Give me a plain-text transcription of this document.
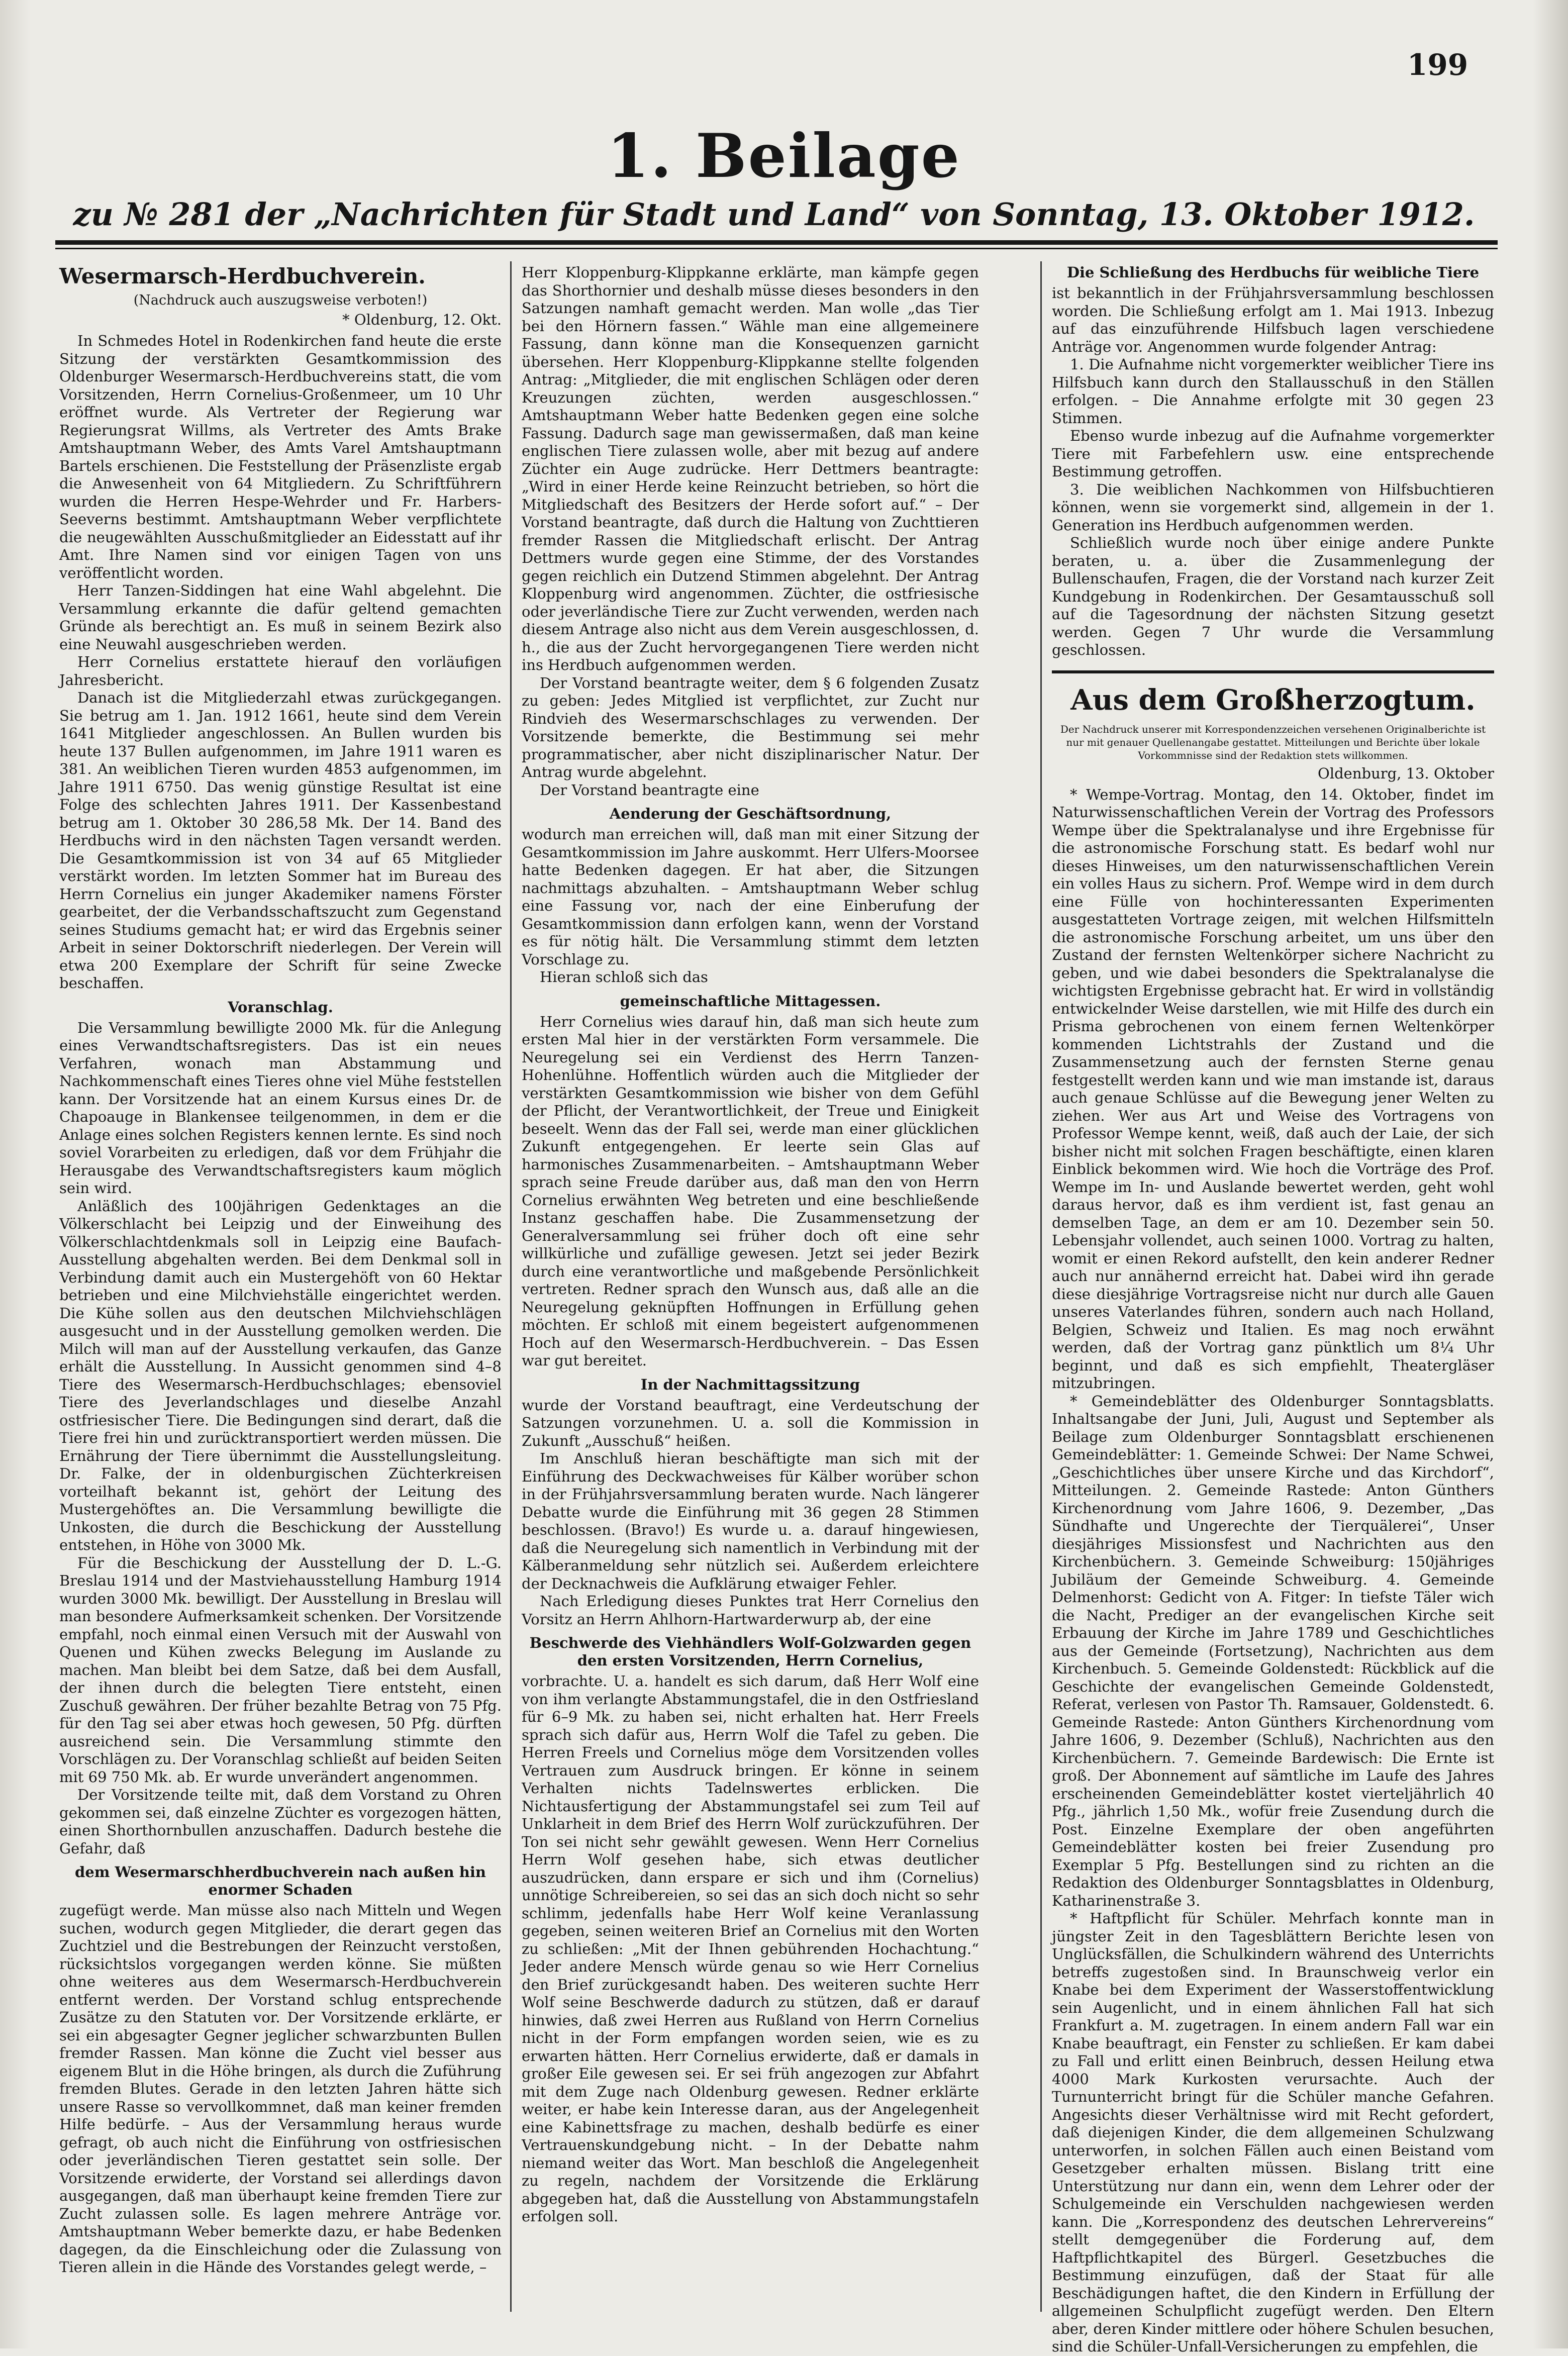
199
1. Beilage
zu № 281 der „Nachrichten für Stadt und Land“ von Sonntag, 13. Oktober 1912.
Wesermarsch-Herdbuchverein.
(Nachdruck auch auszugsweise verboten!)
* Oldenburg, 12. Okt.

In Schmedes Hotel in Rodenkirchen fand heute die erste Sitzung der verstärkten Gesamtkommission des Oldenburger Wesermarsch-Herdbuchvereins statt, die vom Vorsitzenden, Herrn Cornelius-Großenmeer, um 10 Uhr eröffnet wurde. Als Vertreter der Regierung war Regierungsrat Willms, als Vertreter des Amts Brake Amtshauptmann Weber, des Amts Varel Amtshauptmann Bartels erschienen. Die Feststellung der Präsenzliste ergab die Anwesenheit von 64 Mitgliedern. Zu Schriftführern wurden die Herren Hespe-Wehrder und Fr. Harbers-Seeverns bestimmt. Amtshauptmann Weber verpflichtete die neugewählten Ausschußmitglieder an Eidesstatt auf ihr Amt. Ihre Namen sind vor einigen Tagen von uns veröffentlicht worden.

Herr Tanzen-Siddingen hat eine Wahl abgelehnt. Die Versammlung erkannte die dafür geltend gemachten Gründe als berechtigt an. Es muß in seinem Bezirk also eine Neuwahl ausgeschrieben werden.

Herr Cornelius erstattete hierauf den vorläufigen Jahresbericht.

Danach ist die Mitgliederzahl etwas zurückgegangen. Sie betrug am 1. Jan. 1912 1661, heute sind dem Verein 1641 Mitglieder angeschlossen. An Bullen wurden bis heute 137 Bullen aufgenommen, im Jahre 1911 waren es 381. An weiblichen Tieren wurden 4853 aufgenommen, im Jahre 1911 6750. Das wenig günstige Resultat ist eine Folge des schlechten Jahres 1911. Der Kassenbestand betrug am 1. Oktober 30 286,58 Mk. Der 14. Band des Herdbuchs wird in den nächsten Tagen versandt werden. Die Gesamtkommission ist von 34 auf 65 Mitglieder verstärkt worden. Im letzten Sommer hat im Bureau des Herrn Cornelius ein junger Akademiker namens Förster gearbeitet, der die Verbandsschaftszucht zum Gegenstand seines Studiums gemacht hat; er wird das Ergebnis seiner Arbeit in seiner Doktorschrift niederlegen. Der Verein will etwa 200 Exemplare der Schrift für seine Zwecke beschaffen.

Voranschlag.

Die Versammlung bewilligte 2000 Mk. für die Anlegung eines Verwandtschaftsregisters. Das ist ein neues Verfahren, wonach man Abstammung und Nachkommenschaft eines Tieres ohne viel Mühe feststellen kann. Der Vorsitzende hat an einem Kursus eines Dr. de Chapoauge in Blankensee teilgenommen, in dem er die Anlage eines solchen Registers kennen lernte. Es sind noch soviel Vorarbeiten zu erledigen, daß vor dem Frühjahr die Herausgabe des Verwandtschaftsregisters kaum möglich sein wird.

Anläßlich des 100jährigen Gedenktages an die Völkerschlacht bei Leipzig und der Einweihung des Völkerschlachtdenkmals soll in Leipzig eine Baufach-Ausstellung abgehalten werden. Bei dem Denkmal soll in Verbindung damit auch ein Mustergehöft von 60 Hektar betrieben und eine Milchviehställe eingerichtet werden. Die Kühe sollen aus den deutschen Milchviehschlägen ausgesucht und in der Ausstellung gemolken werden. Die Milch will man auf der Ausstellung verkaufen, das Ganze erhält die Ausstellung. In Aussicht genommen sind 4–8 Tiere des Wesermarsch-Herdbuchschlages; ebensoviel Tiere des Jeverlandschlages und dieselbe Anzahl ostfriesischer Tiere. Die Bedingungen sind derart, daß die Tiere frei hin und zurücktransportiert werden müssen. Die Ernährung der Tiere übernimmt die Ausstellungsleitung. Dr. Falke, der in oldenburgischen Züchterkreisen vorteilhaft bekannt ist, gehört der Leitung des Mustergehöftes an. Die Versammlung bewilligte die Unkosten, die durch die Beschickung der Ausstellung entstehen, in Höhe von 3000 Mk.

Für die Beschickung der Ausstellung der D. L.-G. Breslau 1914 und der Mastviehausstellung Hamburg 1914 wurden 3000 Mk. bewilligt. Der Ausstellung in Breslau will man besondere Aufmerksamkeit schenken. Der Vorsitzende empfahl, noch einmal einen Versuch mit der Auswahl von Quenen und Kühen zwecks Belegung im Auslande zu machen. Man bleibt bei dem Satze, daß bei dem Ausfall, der ihnen durch die belegten Tiere entsteht, einen Zuschuß gewähren. Der früher bezahlte Betrag von 75 Pfg. für den Tag sei aber etwas hoch gewesen, 50 Pfg. dürften ausreichend sein. Die Versammlung stimmte den Vorschlägen zu. Der Voranschlag schließt auf beiden Seiten mit 69 750 Mk. ab. Er wurde unverändert angenommen.

Der Vorsitzende teilte mit, daß dem Vorstand zu Ohren gekommen sei, daß einzelne Züchter es vorgezogen hätten, einen Shorthornbullen anzuschaffen. Dadurch bestehe die Gefahr, daß

dem Wesermarschherdbuchverein nach außen hin enormer Schaden

zugefügt werde. Man müsse also nach Mitteln und Wegen suchen, wodurch gegen Mitglieder, die derart gegen das Zuchtziel und die Bestrebungen der Reinzucht verstoßen, rücksichtslos vorgegangen werden könne. Sie müßten ohne weiteres aus dem Wesermarsch-Herdbuchverein entfernt werden. Der Vorstand schlug entsprechende Zusätze zu den Statuten vor. Der Vorsitzende erklärte, er sei ein abgesagter Gegner jeglicher schwarzbunten Bullen fremder Rassen. Man könne die Zucht viel besser aus eigenem Blut in die Höhe bringen, als durch die Zuführung fremden Blutes. Gerade in den letzten Jahren hätte sich unsere Rasse so vervollkommnet, daß man keiner fremden Hilfe bedürfe. – Aus der Versammlung heraus wurde gefragt, ob auch nicht die Einführung von ostfriesischen oder jeverländischen Tieren gestattet sein solle. Der Vorsitzende erwiderte, der Vorstand sei allerdings davon ausgegangen, daß man überhaupt keine fremden Tiere zur Zucht zulassen solle. Es lagen mehrere Anträge vor. Amtshauptmann Weber bemerkte dazu, er habe Bedenken dagegen, da die Einschleichung oder die Zulassung von Tieren allein in die Hände des Vorstandes gelegt werde, –

Herr Kloppenburg-Klippkanne erklärte, man kämpfe gegen das Shorthornier und deshalb müsse dieses besonders in den Satzungen namhaft gemacht werden. Man wolle „das Tier bei den Hörnern fassen.“ Wähle man eine allgemeinere Fassung, dann könne man die Konsequenzen garnicht übersehen. Herr Kloppenburg-Klippkanne stellte folgenden Antrag: „Mitglieder, die mit englischen Schlägen oder deren Kreuzungen züchten, werden ausgeschlossen.“ Amtshauptmann Weber hatte Bedenken gegen eine solche Fassung. Dadurch sage man gewissermaßen, daß man keine englischen Tiere zulassen wolle, aber mit bezug auf andere Züchter ein Auge zudrücke. Herr Dettmers beantragte: „Wird in einer Herde keine Reinzucht betrieben, so hört die Mitgliedschaft des Besitzers der Herde sofort auf.“ – Der Vorstand beantragte, daß durch die Haltung von Zuchttieren fremder Rassen die Mitgliedschaft erlischt. Der Antrag Dettmers wurde gegen eine Stimme, der des Vorstandes gegen reichlich ein Dutzend Stimmen abgelehnt. Der Antrag Kloppenburg wird angenommen. Züchter, die ostfriesische oder jeverländische Tiere zur Zucht verwenden, werden nach diesem Antrage also nicht aus dem Verein ausgeschlossen, d. h., die aus der Zucht hervorgegangenen Tiere werden nicht ins Herdbuch aufgenommen werden.

Der Vorstand beantragte weiter, dem § 6 folgenden Zusatz zu geben: Jedes Mitglied ist verpflichtet, zur Zucht nur Rindvieh des Wesermarschschlages zu verwenden. Der Vorsitzende bemerkte, die Bestimmung sei mehr programmatischer, aber nicht disziplinarischer Natur. Der Antrag wurde abgelehnt.

Der Vorstand beantragte eine

Aenderung der Geschäftsordnung,

wodurch man erreichen will, daß man mit einer Sitzung der Gesamtkommission im Jahre auskommt. Herr Ulfers-Moorsee hatte Bedenken dagegen. Er hat aber, die Sitzungen nachmittags abzuhalten. – Amtshauptmann Weber schlug eine Fassung vor, nach der eine Einberufung der Gesamtkommission dann erfolgen kann, wenn der Vorstand es für nötig hält. Die Versammlung stimmt dem letzten Vorschlage zu.

Hieran schloß sich das

gemeinschaftliche Mittagessen.

Herr Cornelius wies darauf hin, daß man sich heute zum ersten Mal hier in der verstärkten Form versammele. Die Neuregelung sei ein Verdienst des Herrn Tanzen-Hohenlühne. Hoffentlich würden auch die Mitglieder der verstärkten Gesamtkommission wie bisher von dem Gefühl der Pflicht, der Verantwortlichkeit, der Treue und Einigkeit beseelt. Wenn das der Fall sei, werde man einer glücklichen Zukunft entgegengehen. Er leerte sein Glas auf harmonisches Zusammenarbeiten. – Amtshauptmann Weber sprach seine Freude darüber aus, daß man den von Herrn Cornelius erwähnten Weg betreten und eine beschließende Instanz geschaffen habe. Die Zusammensetzung der Generalversammlung sei früher doch oft eine sehr willkürliche und zufällige gewesen. Jetzt sei jeder Bezirk durch eine verantwortliche und maßgebende Persönlichkeit vertreten. Redner sprach den Wunsch aus, daß alle an die Neuregelung geknüpften Hoffnungen in Erfüllung gehen möchten. Er schloß mit einem begeistert aufgenommenen Hoch auf den Wesermarsch-Herdbuchverein. – Das Essen war gut bereitet.

In der Nachmittagssitzung

wurde der Vorstand beauftragt, eine Verdeutschung der Satzungen vorzunehmen. U. a. soll die Kommission in Zukunft „Ausschuß“ heißen.

Im Anschluß hieran beschäftigte man sich mit der Einführung des Deckwachweises für Kälber worüber schon in der Frühjahrsversammlung beraten wurde. Nach längerer Debatte wurde die Einführung mit 36 gegen 28 Stimmen beschlossen. (Bravo!) Es wurde u. a. darauf hingewiesen, daß die Neuregelung sich namentlich in Verbindung mit der Kälberanmeldung sehr nützlich sei. Außerdem erleichtere der Decknachweis die Aufklärung etwaiger Fehler.

Nach Erledigung dieses Punktes trat Herr Cornelius den Vorsitz an Herrn Ahlhorn-Hartwarderwurp ab, der eine

Beschwerde des Viehhändlers Wolf-Golzwarden gegen den ersten Vorsitzenden, Herrn Cornelius,

vorbrachte. U. a. handelt es sich darum, daß Herr Wolf eine von ihm verlangte Abstammungstafel, die in den Ostfriesland für 6–9 Mk. zu haben sei, nicht erhalten hat. Herr Freels sprach sich dafür aus, Herrn Wolf die Tafel zu geben. Die Herren Freels und Cornelius möge dem Vorsitzenden volles Vertrauen zum Ausdruck bringen. Er könne in seinem Verhalten nichts Tadelnswertes erblicken. Die Nichtausfertigung der Abstammungstafel sei zum Teil auf Unklarheit in dem Brief des Herrn Wolf zurückzuführen. Der Ton sei nicht sehr gewählt gewesen. Wenn Herr Cornelius Herrn Wolf gesehen habe, sich etwas deutlicher auszudrücken, dann erspare er sich und ihm (Cornelius) unnötige Schreibereien, so sei das an sich doch nicht so sehr schlimm, jedenfalls habe Herr Wolf keine Veranlassung gegeben, seinen weiteren Brief an Cornelius mit den Worten zu schließen: „Mit der Ihnen gebührenden Hochachtung.“ Jeder andere Mensch würde genau so wie Herr Cornelius den Brief zurückgesandt haben. Des weiteren suchte Herr Wolf seine Beschwerde dadurch zu stützen, daß er darauf hinwies, daß zwei Herren aus Rußland von Herrn Cornelius nicht in der Form empfangen worden seien, wie es zu erwarten hätten. Herr Cornelius erwiderte, daß er damals in großer Eile gewesen sei. Er sei früh angezogen zur Abfahrt mit dem Zuge nach Oldenburg gewesen. Redner erklärte weiter, er habe kein Interesse daran, aus der Angelegenheit eine Kabinettsfrage zu machen, deshalb bedürfe es einer Vertrauenskundgebung nicht. – In der Debatte nahm niemand weiter das Wort. Man beschloß die Angelegenheit zu regeln, nachdem der Vorsitzende die Erklärung abgegeben hat, daß die Ausstellung von Abstammungstafeln erfolgen soll.

Die Schließung des Herdbuchs für weibliche Tiere

ist bekanntlich in der Frühjahrsversammlung beschlossen worden. Die Schließung erfolgt am 1. Mai 1913. Inbezug auf das einzuführende Hilfsbuch lagen verschiedene Anträge vor. Angenommen wurde folgender Antrag:

1. Die Aufnahme nicht vorgemerkter weiblicher Tiere ins Hilfsbuch kann durch den Stallausschuß in den Ställen erfolgen. – Die Annahme erfolgte mit 30 gegen 23 Stimmen.

Ebenso wurde inbezug auf die Aufnahme vorgemerkter Tiere mit Farbefehlern usw. eine entsprechende Bestimmung getroffen.

3. Die weiblichen Nachkommen von Hilfsbuchtieren können, wenn sie vorgemerkt sind, allgemein in der 1. Generation ins Herdbuch aufgenommen werden.

Schließlich wurde noch über einige andere Punkte beraten, u. a. über die Zusammenlegung der Bullenschaufen, Fragen, die der Vorstand nach kurzer Zeit Kundgebung in Rodenkirchen. Der Gesamtausschuß soll auf die Tagesordnung der nächsten Sitzung gesetzt werden. Gegen 7 Uhr wurde die Versammlung geschlossen.

Aus dem Großherzogtum.
Der Nachdruck unserer mit Korrespondenzzeichen versehenen Originalberichte ist nur mit genauer Quellenangabe gestattet. Mitteilungen und Berichte über lokale Vorkommnisse sind der Redaktion stets willkommen.
Oldenburg, 13. Oktober

* Wempe-Vortrag. Montag, den 14. Oktober, findet im Naturwissenschaftlichen Verein der Vortrag des Professors Wempe über die Spektralanalyse und ihre Ergebnisse für die astronomische Forschung statt. Es bedarf wohl nur dieses Hinweises, um den naturwissenschaftlichen Verein ein volles Haus zu sichern. Prof. Wempe wird in dem durch eine Fülle von hochinteressanten Experimenten ausgestatteten Vortrage zeigen, mit welchen Hilfsmitteln die astronomische Forschung arbeitet, um uns über den Zustand der fernsten Weltenkörper sichere Nachricht zu geben, und wie dabei besonders die Spektralanalyse die wichtigsten Ergebnisse gebracht hat. Er wird in vollständig entwickelnder Weise darstellen, wie mit Hilfe des durch ein Prisma gebrochenen von einem fernen Weltenkörper kommenden Lichtstrahls der Zustand und die Zusammensetzung auch der fernsten Sterne genau festgestellt werden kann und wie man imstande ist, daraus auch genaue Schlüsse auf die Bewegung jener Welten zu ziehen. Wer aus Art und Weise des Vortragens von Professor Wempe kennt, weiß, daß auch der Laie, der sich bisher nicht mit solchen Fragen beschäftigte, einen klaren Einblick bekommen wird. Wie hoch die Vorträge des Prof. Wempe im In- und Auslande bewertet werden, geht wohl daraus hervor, daß es ihm verdient ist, fast genau an demselben Tage, an dem er am 10. Dezember sein 50. Lebensjahr vollendet, auch seinen 1000. Vortrag zu halten, womit er einen Rekord aufstellt, den kein anderer Redner auch nur annähernd erreicht hat. Dabei wird ihn gerade diese diesjährige Vortragsreise nicht nur durch alle Gauen unseres Vaterlandes führen, sondern auch nach Holland, Belgien, Schweiz und Italien. Es mag noch erwähnt werden, daß der Vortrag ganz pünktlich um 8¼ Uhr beginnt, und daß es sich empfiehlt, Theatergläser mitzubringen.

* Gemeindeblätter des Oldenburger Sonntagsblatts. Inhaltsangabe der Juni, Juli, August und September als Beilage zum Oldenburger Sonntagsblatt erschienenen Gemeindeblätter: 1. Gemeinde Schwei: Der Name Schwei, „Geschichtliches über unsere Kirche und das Kirchdorf“, Mitteilungen. 2. Gemeinde Rastede: Anton Günthers Kirchenordnung vom Jahre 1606, 9. Dezember, „Das Sündhafte und Ungerechte der Tierquälerei“, Unser diesjähriges Missionsfest und Nachrichten aus den Kirchenbüchern. 3. Gemeinde Schweiburg: 150jähriges Jubiläum der Gemeinde Schweiburg. 4. Gemeinde Delmenhorst: Gedicht von A. Fitger: In tiefste Täler wich die Nacht, Prediger an der evangelischen Kirche seit Erbauung der Kirche im Jahre 1789 und Geschichtliches aus der Gemeinde (Fortsetzung), Nachrichten aus dem Kirchenbuch. 5. Gemeinde Goldenstedt: Rückblick auf die Geschichte der evangelischen Gemeinde Goldenstedt, Referat, verlesen von Pastor Th. Ramsauer, Goldenstedt. 6. Gemeinde Rastede: Anton Günthers Kirchenordnung vom Jahre 1606, 9. Dezember (Schluß), Nachrichten aus den Kirchenbüchern. 7. Gemeinde Bardewisch: Die Ernte ist groß. Der Abonnement auf sämtliche im Laufe des Jahres erscheinenden Gemeindeblätter kostet vierteljährlich 40 Pfg., jährlich 1,50 Mk., wofür freie Zusendung durch die Post. Einzelne Exemplare der oben angeführten Gemeindeblätter kosten bei freier Zusendung pro Exemplar 5 Pfg. Bestellungen sind zu richten an die Redaktion des Oldenburger Sonntagsblattes in Oldenburg, Katharinenstraße 3.

* Haftpflicht für Schüler. Mehrfach konnte man in jüngster Zeit in den Tagesblättern Berichte lesen von Unglücksfällen, die Schulkindern während des Unterrichts betreffs zugestoßen sind. In Braunschweig verlor ein Knabe bei dem Experiment der Wasserstoffentwicklung sein Augenlicht, und in einem ähnlichen Fall hat sich Frankfurt a. M. zugetragen. In einem andern Fall war ein Knabe beauftragt, ein Fenster zu schließen. Er kam dabei zu Fall und erlitt einen Beinbruch, dessen Heilung etwa 4000 Mark Kurkosten verursachte. Auch der Turnunterricht bringt für die Schüler manche Gefahren. Angesichts dieser Verhältnisse wird mit Recht gefordert, daß diejenigen Kinder, die dem allgemeinen Schulzwang unterworfen, in solchen Fällen auch einen Beistand vom Gesetzgeber erhalten müssen. Bislang tritt eine Unterstützung nur dann ein, wenn dem Lehrer oder der Schulgemeinde ein Verschulden nachgewiesen werden kann. Die „Korrespondenz des deutschen Lehrervereins“ stellt demgegenüber die Forderung auf, dem Haftpflichtkapitel des Bürgerl. Gesetzbuches die Bestimmung einzufügen, daß der Staat für alle Beschädigungen haftet, die den Kindern in Erfüllung der allgemeinen Schulpflicht zugefügt werden. Den Eltern aber, deren Kinder mittlere oder höhere Schulen besuchen, sind die Schüler-Unfall-Versicherungen zu empfehlen, die
